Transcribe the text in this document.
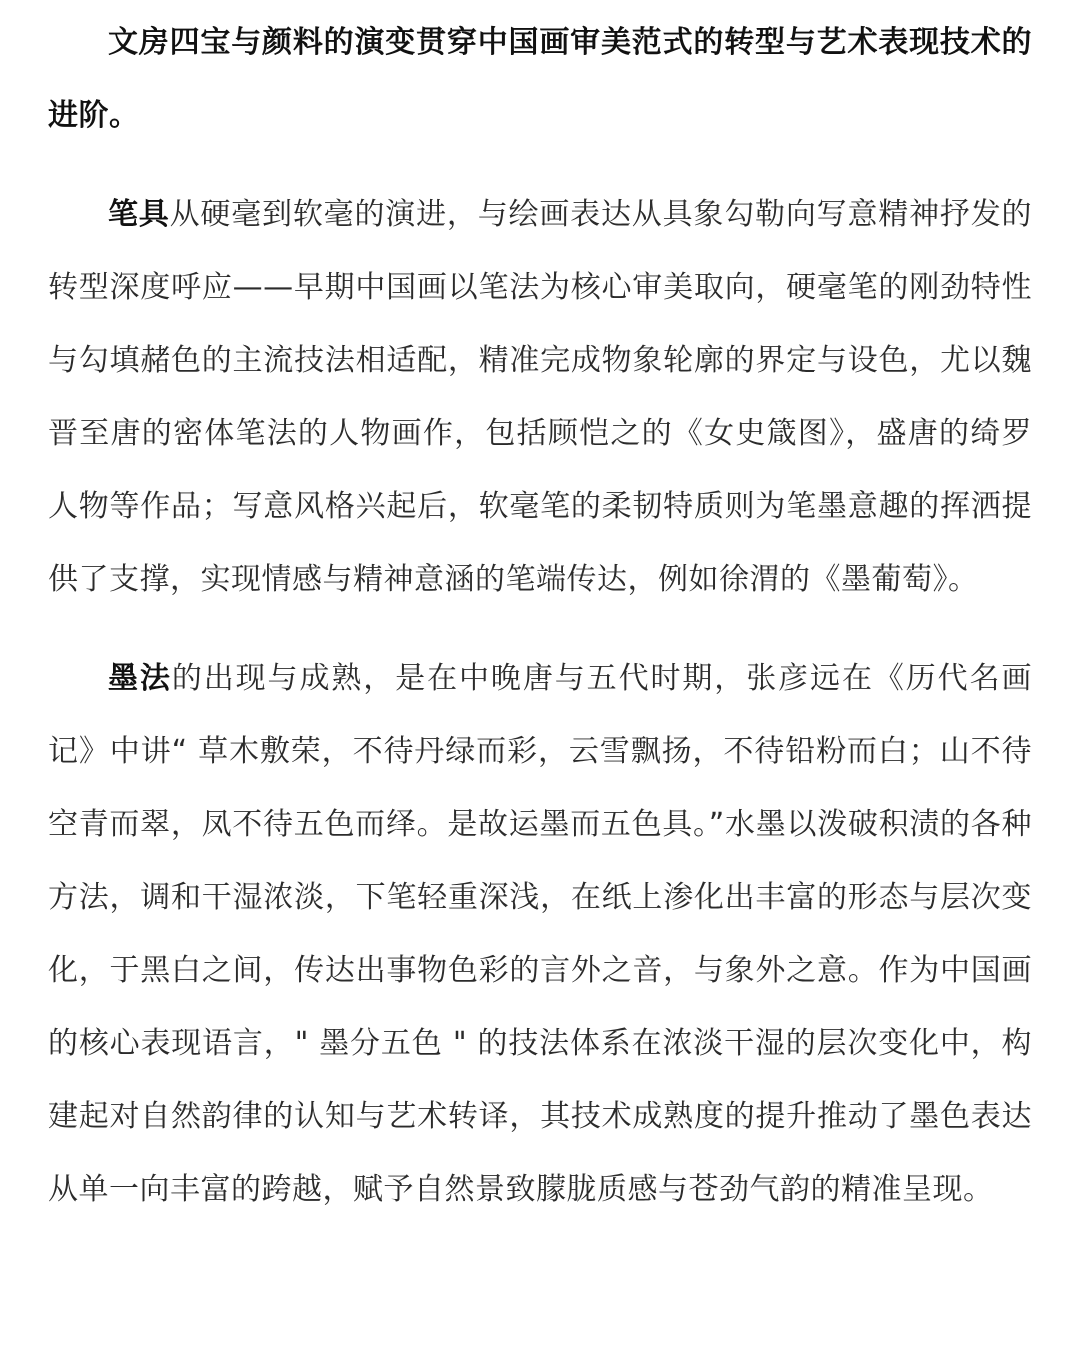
文房四宝与颜料的演变贯穿中国画审美范式的转型与艺术表现技术的进阶。

笔具从硬毫到软毫的演进，与绘画表达从具象勾勒向写意精神抒发的转型深度呼应——早期中国画以笔法为核心审美取向，硬毫笔的刚劲特性与勾填赭色的主流技法相适配，精准完成物象轮廓的界定与设色，尤以魏晋至唐的密体笔法的人物画作，包括顾恺之的《女史箴图》，盛唐的绮罗人物等作品；写意风格兴起后，软毫笔的柔韧特质则为笔墨意趣的挥洒提供了支撑，实现情感与精神意涵的笔端传达，例如徐渭的《墨葡萄》。

墨法的出现与成熟，是在中晚唐与五代时期，张彦远在《历代名画记》中讲“ 草木敷荣，不待丹绿而彩，云雪飘扬，不待铅粉而白；山不待空青而翠，凤不待五色而绎。是故运墨而五色具。”水墨以泼破积渍的各种方法，调和干湿浓淡，下笔轻重深浅，在纸上渗化出丰富的形态与层次变化，于黑白之间，传达出事物色彩的言外之音，与象外之意。作为中国画的核心表现语言，" 墨分五色 " 的技法体系在浓淡干湿的层次变化中，构建起对自然韵律的认知与艺术转译，其技术成熟度的提升推动了墨色表达从单一向丰富的跨越，赋予自然景致朦胧质感与苍劲气韵的精准呈现。
